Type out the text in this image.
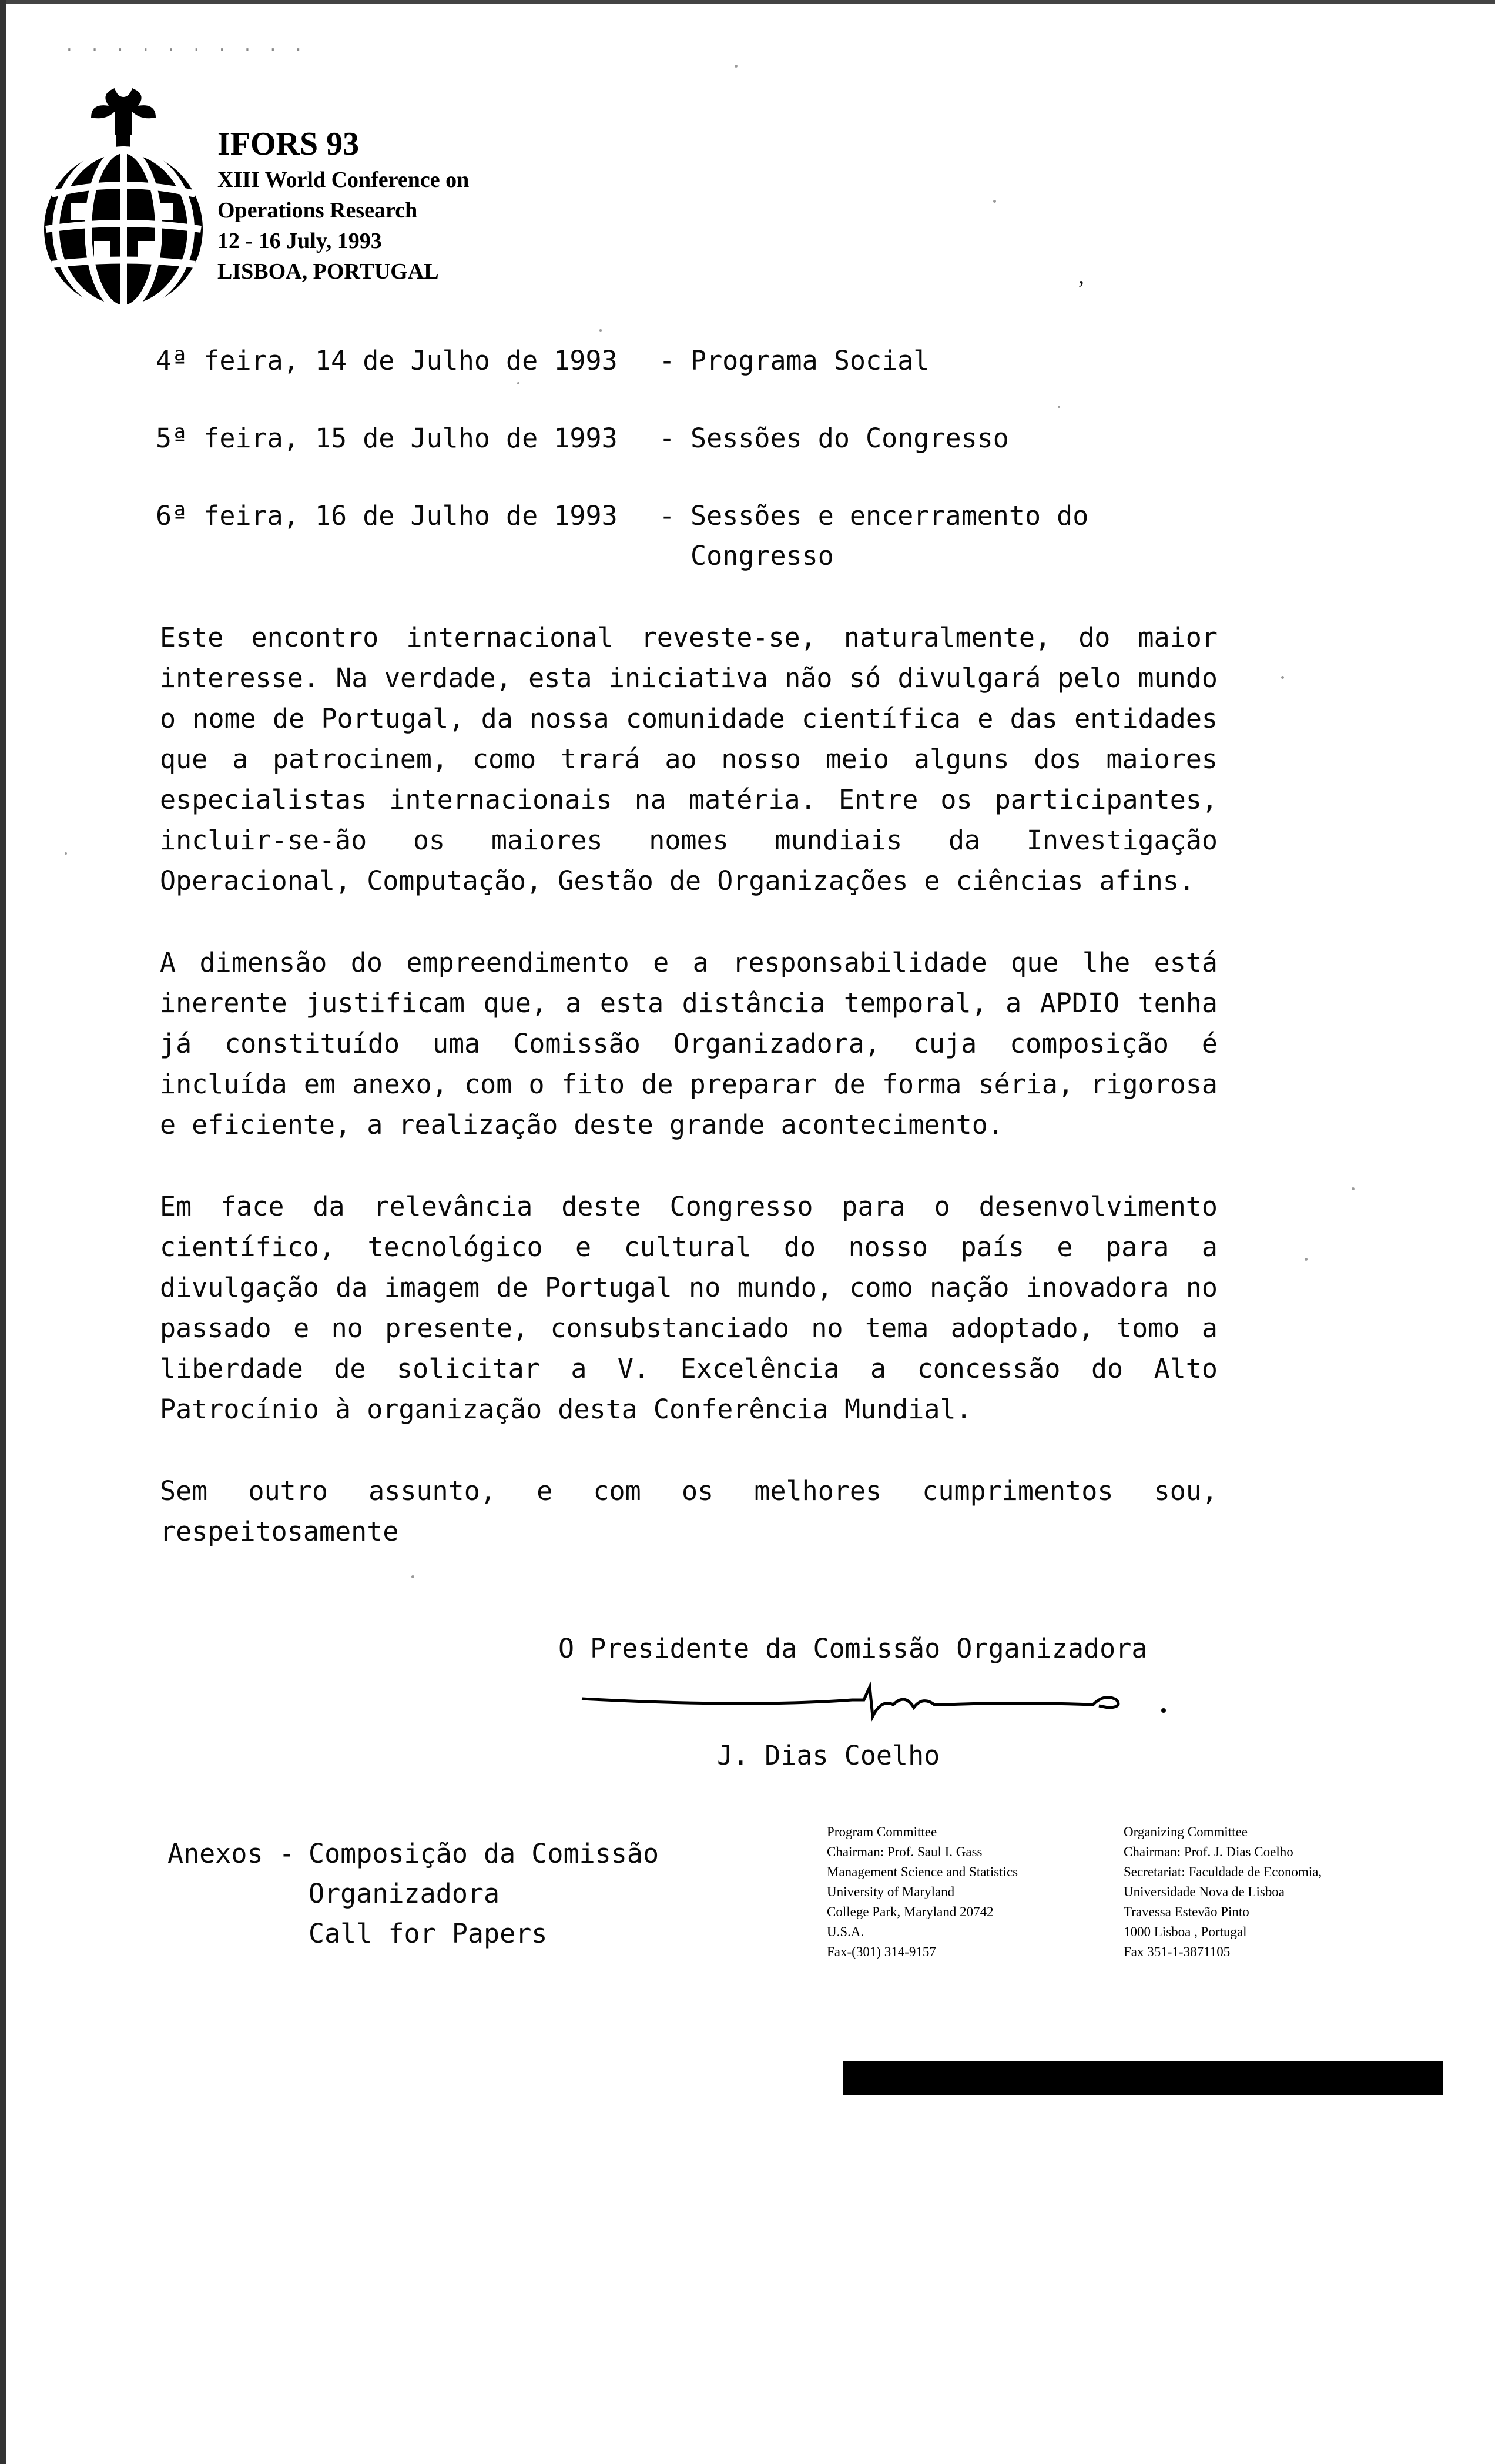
· · · · · · · · · ·
IFORS 93
XIII World Conference on
Operations Research
12 - 16 July, 1993
LISBOA, PORTUGAL	,
4ª feira, 14 de Julho de 1993	- Programa Social
5ª feira, 15 de Julho de 1993	- Sessões do Congresso
6ª feira, 16 de Julho de 1993	- Sessões e encerramento do Congresso

Este encontro internacional reveste-se, naturalmente, do maior interesse. Na verdade, esta iniciativa não só divulgará pelo mundo o nome de Portugal, da nossa comunidade científica e das entidades que a patrocinem, como trará ao nosso meio alguns dos maiores especialistas internacionais na matéria. Entre os participantes, incluir-se-ão os maiores nomes mundiais da Investigação Operacional, Computação, Gestão de Organizações e ciências afins.

A dimensão do empreendimento e a responsabilidade que lhe está inerente justificam que, a esta distância temporal, a APDIO tenha já constituído uma Comissão Organizadora, cuja composição é incluída em anexo, com o fito de preparar de forma séria, rigorosa e eficiente, a realização deste grande acontecimento.

Em face da relevância deste Congresso para o desenvolvimento científico, tecnológico e cultural do nosso país e para a divulgação da imagem de Portugal no mundo, como nação inovadora no passado e no presente, consubstanciado no tema adoptado, tomo a liberdade de solicitar a V. Excelência a concessão do Alto Patrocínio à organização desta Conferência Mundial.

Sem outro assunto, e com os melhores cumprimentos sou, respeitosamente

O Presidente da Comissão Organizadora
J. Dias Coelho
Anexos - Composição da Comissão
Organizadora
Call for Papers
Program Committee
Chairman: Prof. Saul I. Gass
Management Science and Statistics
University of Maryland
College Park, Maryland 20742
U.S.A.
Fax-(301) 314-9157
Organizing Committee
Chairman: Prof. J. Dias Coelho
Secretariat: Faculdade de Economia,
Universidade Nova de Lisboa
Travessa Estevão Pinto
1000 Lisboa , Portugal
Fax 351-1-3871105
